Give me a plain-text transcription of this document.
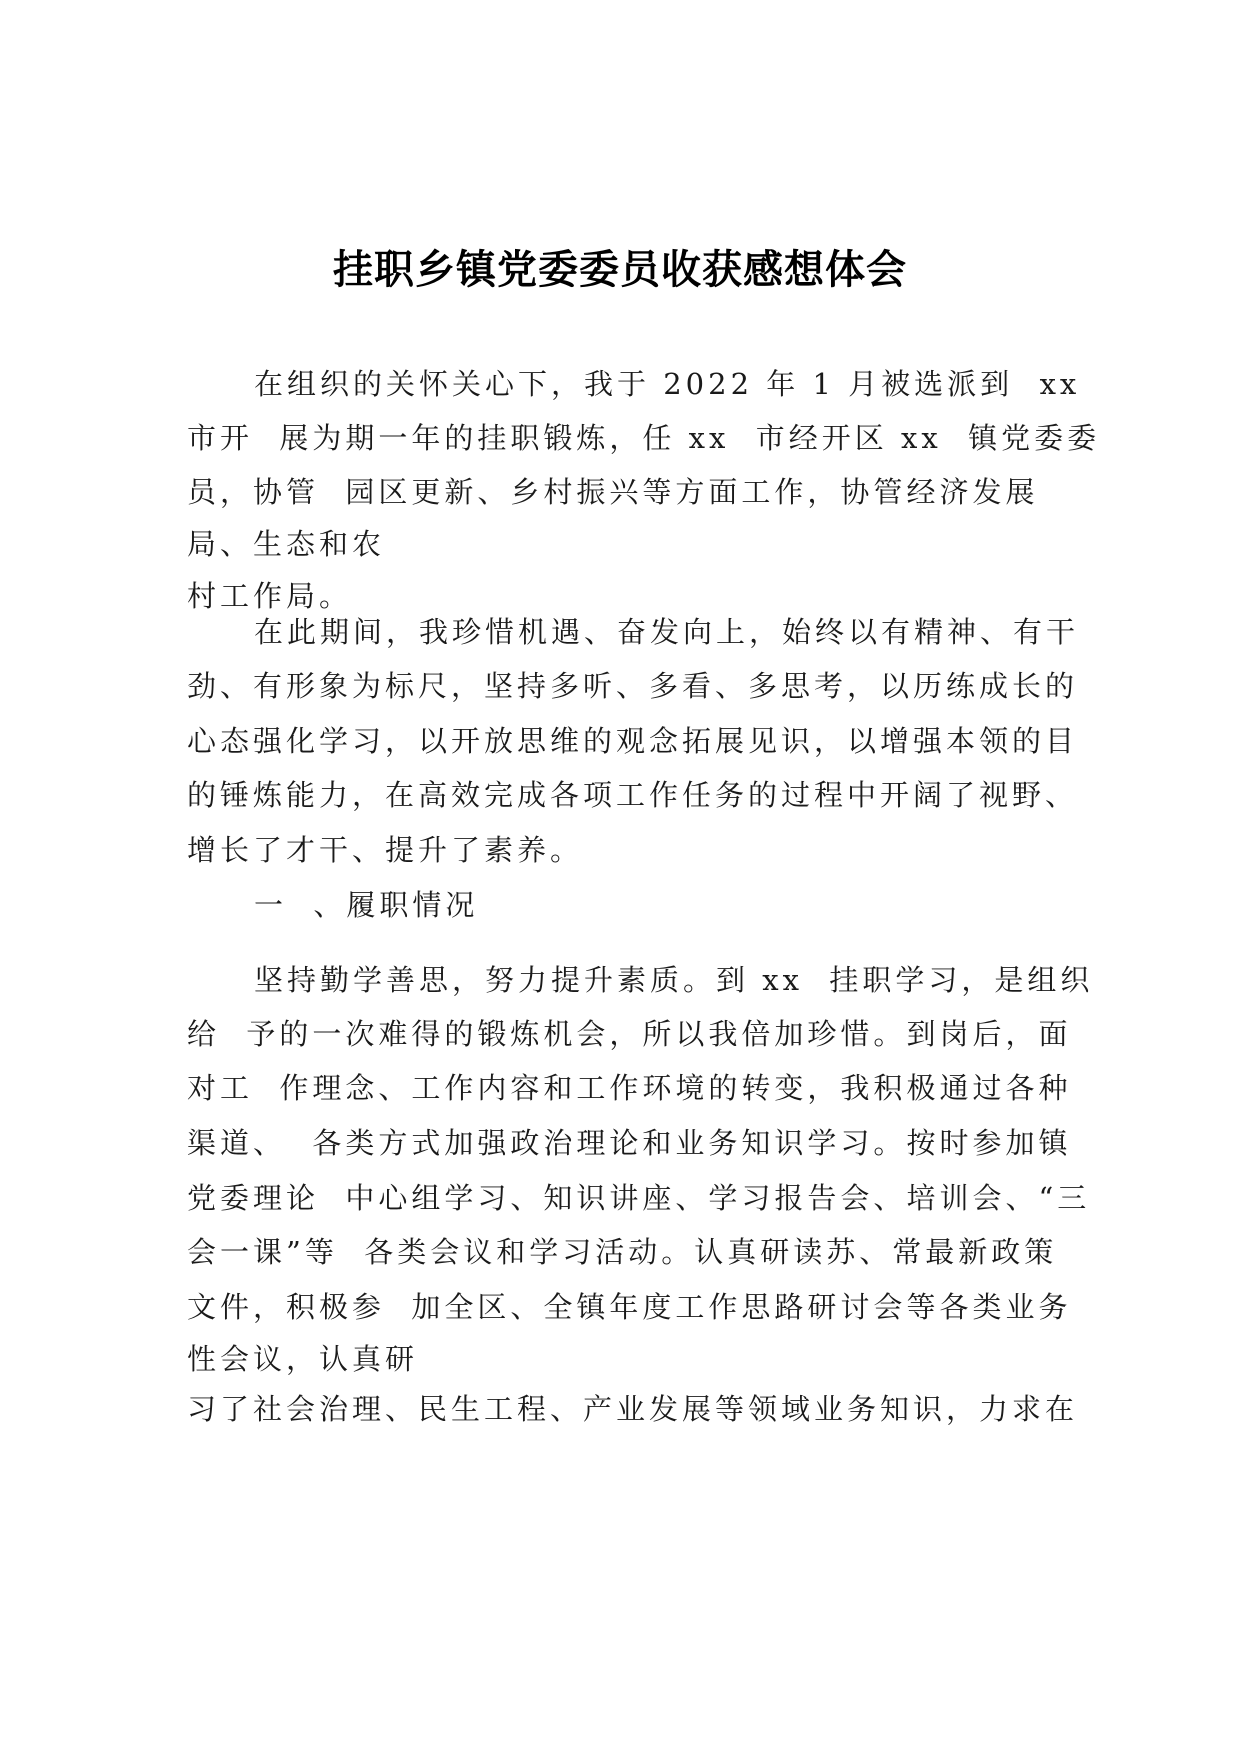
挂职乡镇党委委员收获感想体会
在组织的关怀关心下，我于 2022 年 1 月被选派到  xx
市开  展为期一年的挂职锻炼，任 xx  市经开区 xx  镇党委委
员，协管  园区更新、乡村振兴等方面工作，协管经济发展
局、生态和农
村工作局。
在此期间，我珍惜机遇、奋发向上，始终以有精神、有干
劲、有形象为标尺，坚持多听、多看、多思考，以历练成长的
心态强化学习，以开放思维的观念拓展见识，以增强本领的目
的锤炼能力，在高效完成各项工作任务的过程中开阔了视野、
增长了才干、提升了素养。
一  、履职情况
坚持勤学善思，努力提升素质。到 xx  挂职学习，是组织
给  予的一次难得的锻炼机会，所以我倍加珍惜。到岗后，面
对工  作理念、工作内容和工作环境的转变，我积极通过各种
渠道、  各类方式加强政治理论和业务知识学习。按时参加镇
党委理论  中心组学习、知识讲座、学习报告会、培训会、“三
会一课”等  各类会议和学习活动。认真研读苏、常最新政策
文件，积极参  加全区、全镇年度工作思路研讨会等各类业务
性会议，认真研
习了社会治理、民生工程、产业发展等领域业务知识，力求在
